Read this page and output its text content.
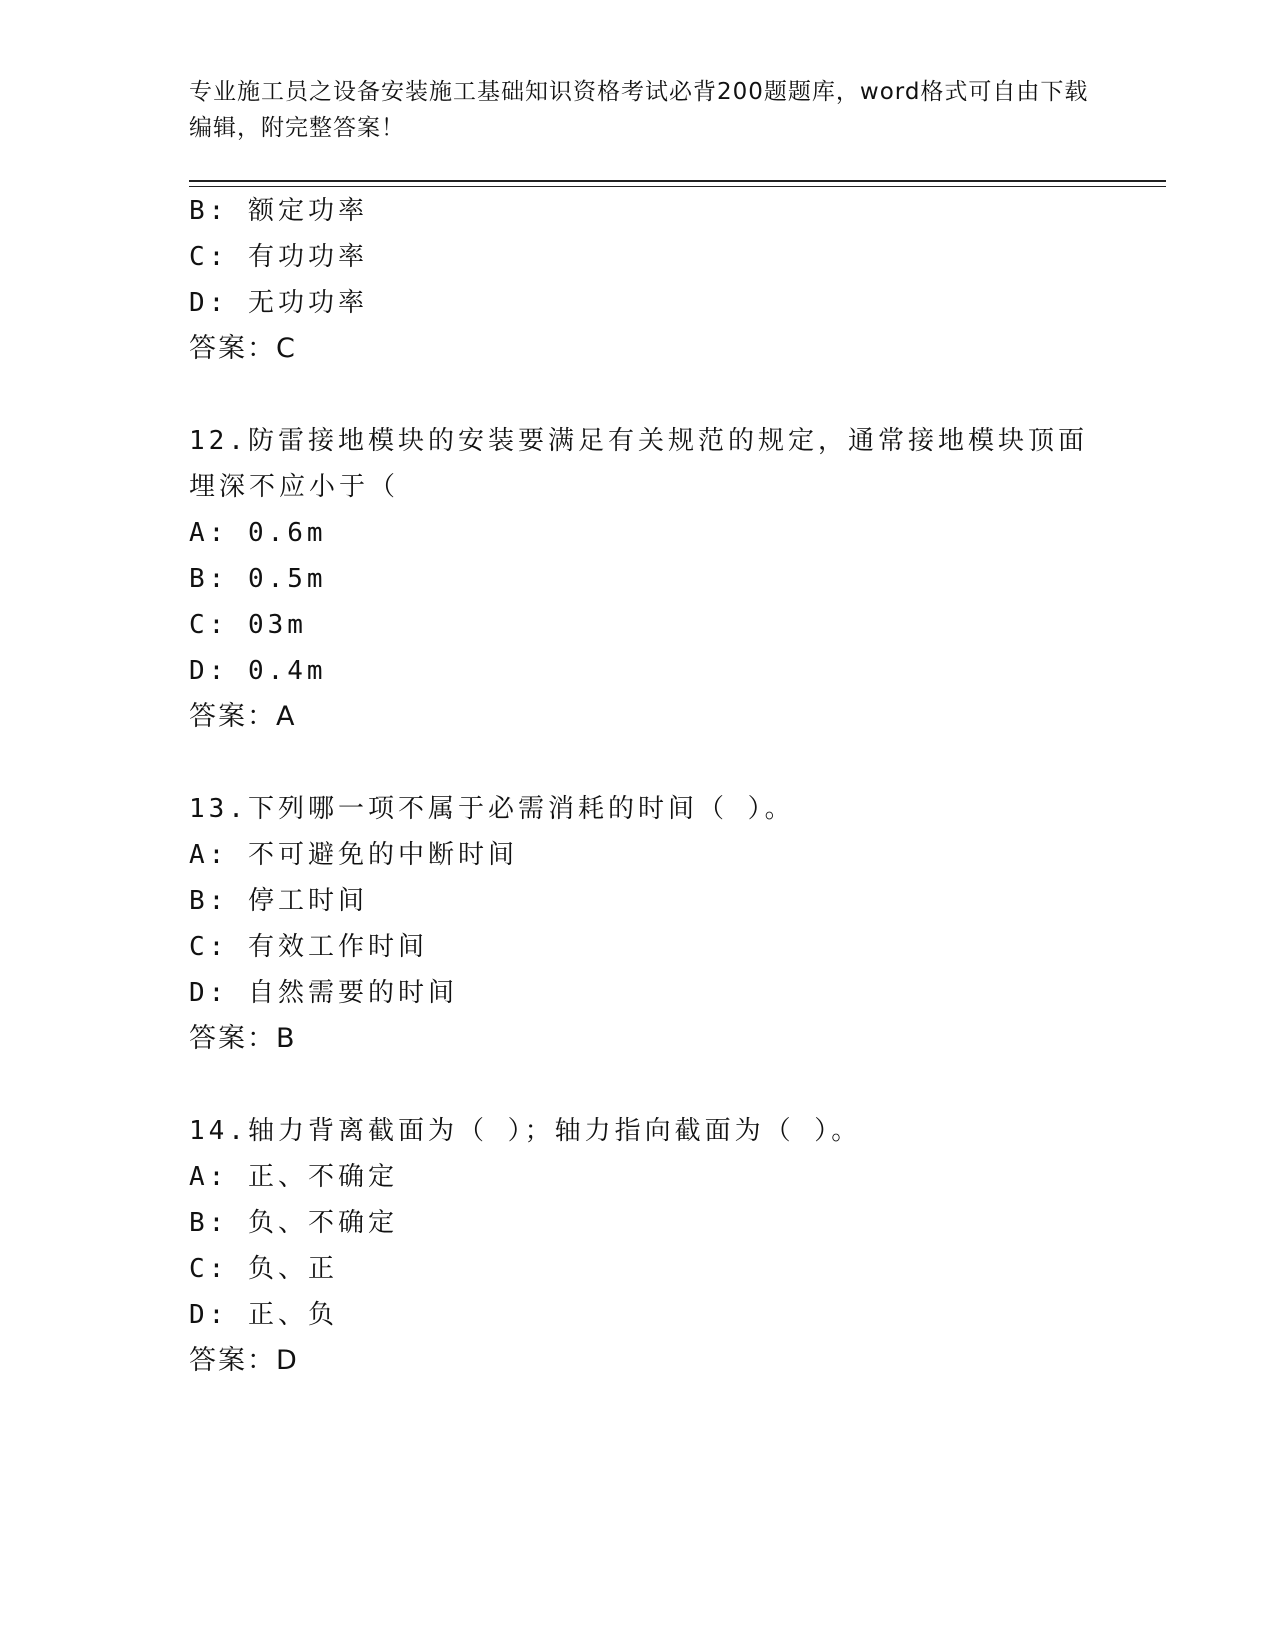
专业施工员之设备安装施工基础知识资格考试必背200题题库，word格式可自由下载编辑，附完整答案！
B: 额定功率
C: 有功功率
D: 无功功率
答案：C
12.防雷接地模块的安装要满足有关规范的规定，通常接地模块顶面埋深不应小于（
A: 0.6m
B: 0.5m
C: 03m
D: 0.4m
答案：A
13.下列哪一项不属于必需消耗的时间（ ）。
A: 不可避免的中断时间
B: 停工时间
C: 有效工作时间
D: 自然需要的时间
答案：B
14.轴力背离截面为（ ）；轴力指向截面为（ ）。
A: 正、不确定
B: 负、不确定
C: 负、正
D: 正、负
答案：D
